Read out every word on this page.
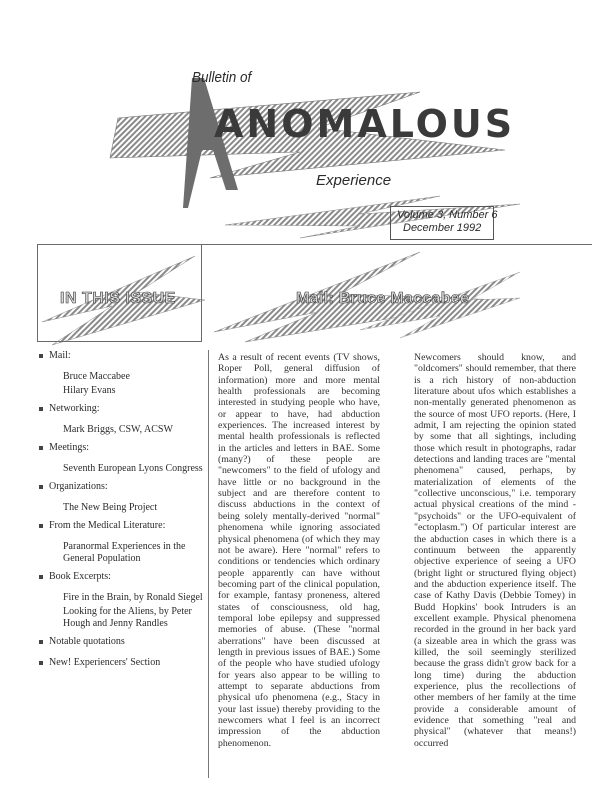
Bulletin of
ANOMALOUS
Experience
Volume 3, Number 6
December 1992
IN THIS ISSUE	Mail: Bruce Maccabee
Mail:
Bruce Maccabee
Hilary Evans
Networking:
Mark Briggs, CSW, ACSW
Meetings:
Seventh European Lyons Congress
Organizations:
The New Being Project
From the Medical Literature:
Paranormal Experiences in the General Population
Book Excerpts:
Fire in the Brain, by Ronald Siegel
Looking for the Aliens, by Peter Hough and Jenny Randles
Notable quotations
New! Experiencers' Section
As a result of recent events (TV shows, Roper Poll, general diffusion of information) more and more mental health professionals are becoming interested in studying people who have, or appear to have, had abduction experiences. The increased interest by mental health professionals is reflected in the articles and letters in BAE. Some (many?) of these people are "newcomers" to the field of ufology and have little or no background in the subject and are therefore content to discuss abductions in the context of being solely mentally-derived "normal" phenomena while ignoring associated physical phenomena (of which they may not be aware). Here "normal" refers to conditions or tendencies which ordinary people apparently can have without becoming part of the clinical population, for example, fantasy proneness, altered states of consciousness, old hag, temporal lobe epilepsy and suppressed memories of abuse. (These "normal aberrations" have been discussed at length in previous issues of BAE.) Some of the people who have studied ufology for years also appear to be willing to attempt to separate abductions from physical ufo phenomena (e.g., Stacy in your last issue) thereby providing to the newcomers what I feel is an incorrect impression of the abduction phenomenon.
Newcomers should know, and "oldcomers" should remember, that there is a rich history of non-abduction literature about ufos which establishes a non-mentally generated phenomenon as the source of most UFO reports. (Here, I admit, I am rejecting the opinion stated by some that all sightings, including those which result in photographs, radar detections and landing traces are "mental phenomena" caused, perhaps, by materialization of elements of the "collective unconscious," i.e. temporary actual physical creations of the mind - "psychoids" or the UFO-equivalent of "ectoplasm.") Of particular interest are the abduction cases in which there is a continuum between the apparently objective experience of seeing a UFO (bright light or structured flying object) and the abduction experience itself. The case of Kathy Davis (Debbie Tomey) in Budd Hopkins' book Intruders is an excellent example. Physical phenomena recorded in the ground in her back yard (a sizeable area in which the grass was killed, the soil seemingly sterilized because the grass didn't grow back for a long time) during the abduction experience, plus the recollections of other members of her family at the time provide a considerable amount of evidence that something "real and physical" (whatever that means!) occurred
